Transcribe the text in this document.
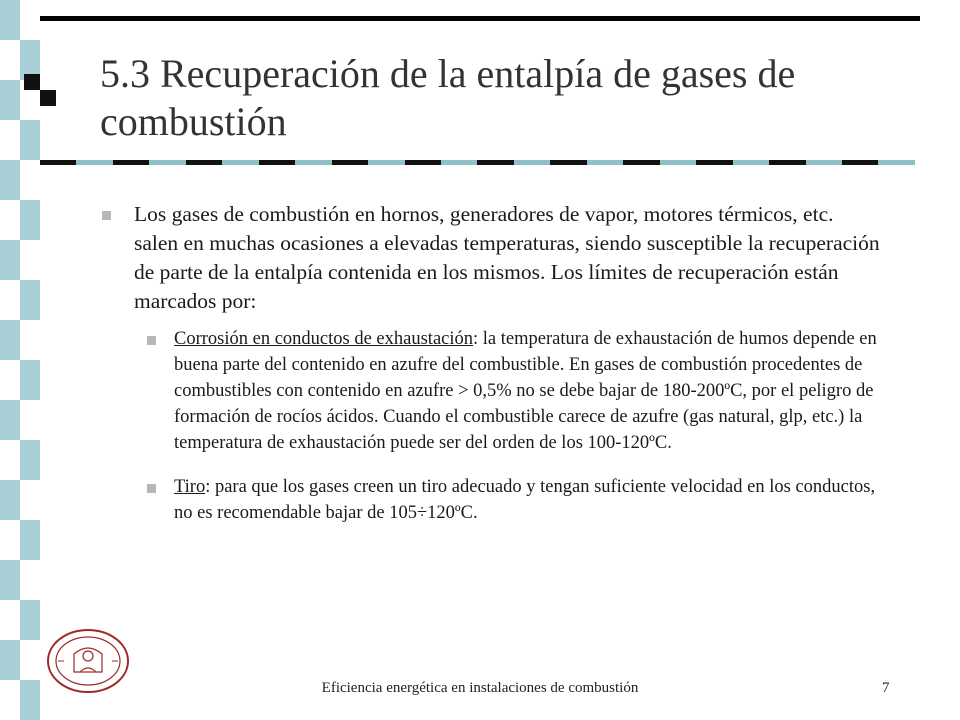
5.3 Recuperación de la entalpía de gases de combustión
Los gases de combustión en hornos, generadores de vapor, motores térmicos, etc. salen en muchas ocasiones a elevadas temperaturas, siendo susceptible la recuperación de parte de la entalpía contenida en los mismos. Los límites de recuperación están marcados por:
Corrosión en conductos de exhaustación: la temperatura de exhaustación de humos depende en buena parte del contenido en azufre del combustible. En gases de combustión procedentes de combustibles con contenido en azufre > 0,5% no se debe bajar de 180-200ºC, por el peligro de formación de rocíos ácidos. Cuando el combustible carece de azufre (gas natural, glp, etc.) la temperatura de exhaustación puede ser del orden de los 100-120ºC.
Tiro: para que los gases creen un tiro adecuado y tengan suficiente velocidad en los conductos, no es recomendable bajar de 105÷120ºC.
Eficiencia energética en instalaciones de combustión	7
